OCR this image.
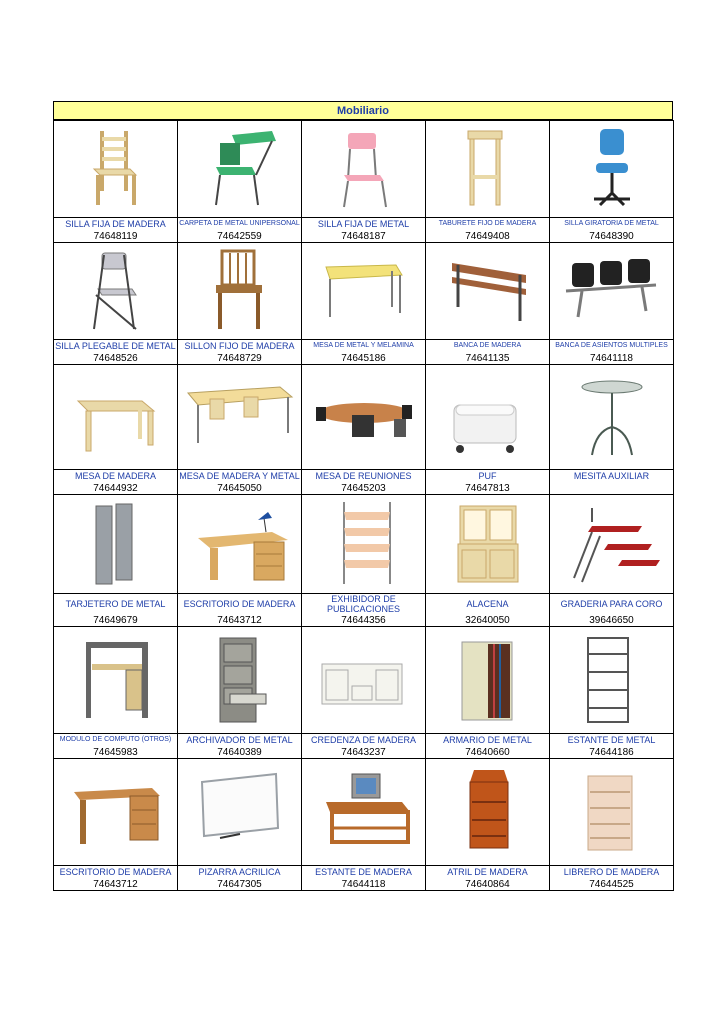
Mobiliario

SILLA FIJA DE MADERA	CARPETA DE METAL UNIPERSONAL	SILLA FIJA DE METAL	TABURETE FIJO DE MADERA	SILLA GIRATORIA DE METAL
74648119	74642559	74648187	74649408	74648390

SILLA PLEGABLE DE METAL	SILLON FIJO DE MADERA	MESA DE METAL Y MELAMINA	BANCA DE MADERA	BANCA DE ASIENTOS MULTIPLES
74648526	74648729	74645186	74641135	74641118

MESA DE MADERA	MESA DE MADERA Y METAL	MESA DE REUNIONES	PUF	MESITA AUXILIAR
74644932	74645050	74645203	74647813	

TARJETERO DE METAL	ESCRITORIO DE MADERA	EXHIBIDOR DE PUBLICACIONES	ALACENA	GRADERIA PARA CORO
74649679	74643712	74644356	32640050	39646650

MODULO DE COMPUTO (OTROS)	ARCHIVADOR DE METAL	CREDENZA DE MADERA	ARMARIO DE METAL	ESTANTE DE METAL
74645983	74640389	74643237	74640660	74644186

ESCRITORIO DE MADERA	PIZARRA ACRILICA	ESTANTE DE MADERA	ATRIL DE MADERA	LIBRERO DE MADERA
74643712	74647305	74644118	74640864	74644525
